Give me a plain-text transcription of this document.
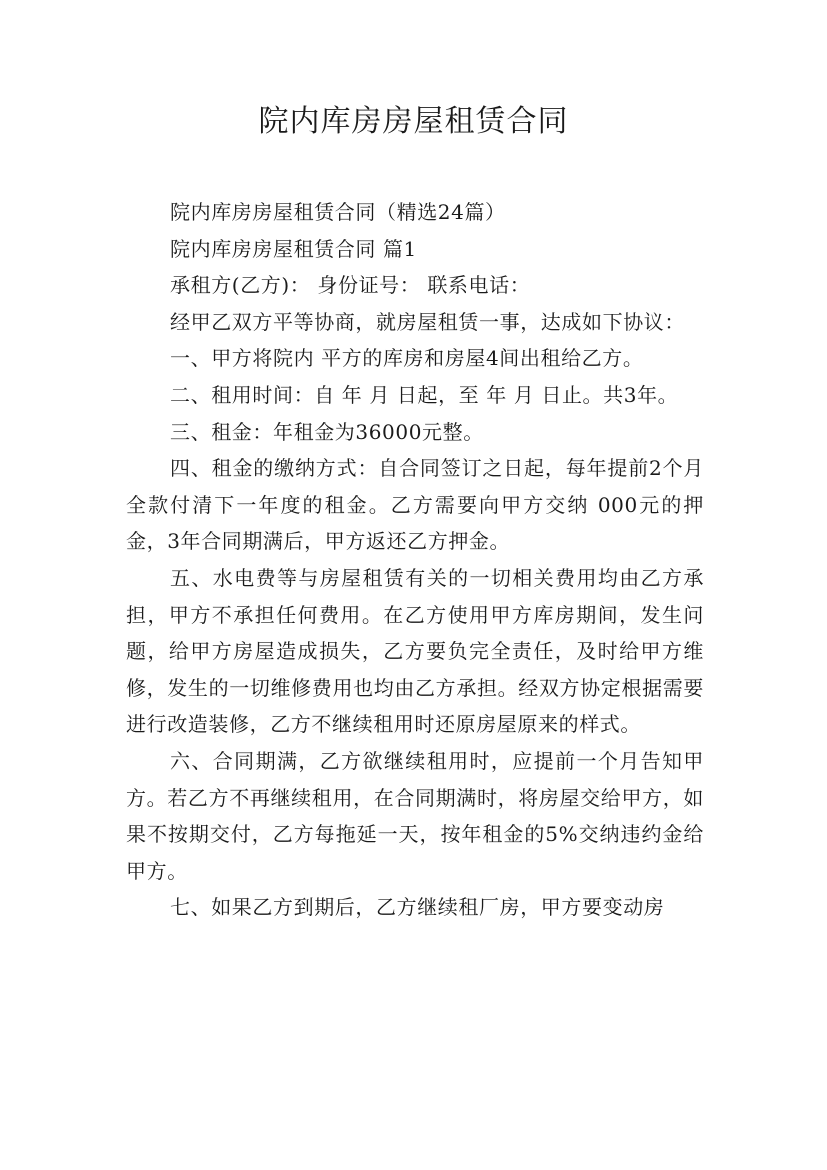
院内库房房屋租赁合同

院内库房房屋租赁合同（精选24篇）

院内库房房屋租赁合同 篇1

承租方(乙方)： 身份证号： 联系电话：

经甲乙双方平等协商，就房屋租赁一事，达成如下协议：

一、甲方将院内 平方的库房和房屋4间出租给乙方。

二、租用时间：自 年 月 日起，至 年 月 日止。共3年。

三、租金：年租金为36000元整。

四、租金的缴纳方式：自合同签订之日起，每年提前2个月全款付清下一年度的租金。乙方需要向甲方交纳 000元的押金，3年合同期满后，甲方返还乙方押金。

五、水电费等与房屋租赁有关的一切相关费用均由乙方承担，甲方不承担任何费用。在乙方使用甲方库房期间，发生问题，给甲方房屋造成损失，乙方要负完全责任，及时给甲方维修，发生的一切维修费用也均由乙方承担。经双方协定根据需要进行改造装修，乙方不继续租用时还原房屋原来的样式。

六、合同期满，乙方欲继续租用时，应提前一个月告知甲方。若乙方不再继续租用，在合同期满时，将房屋交给甲方，如果不按期交付，乙方每拖延一天，按年租金的5%交纳违约金给甲方。

七、如果乙方到期后，乙方继续租厂房，甲方要变动房
